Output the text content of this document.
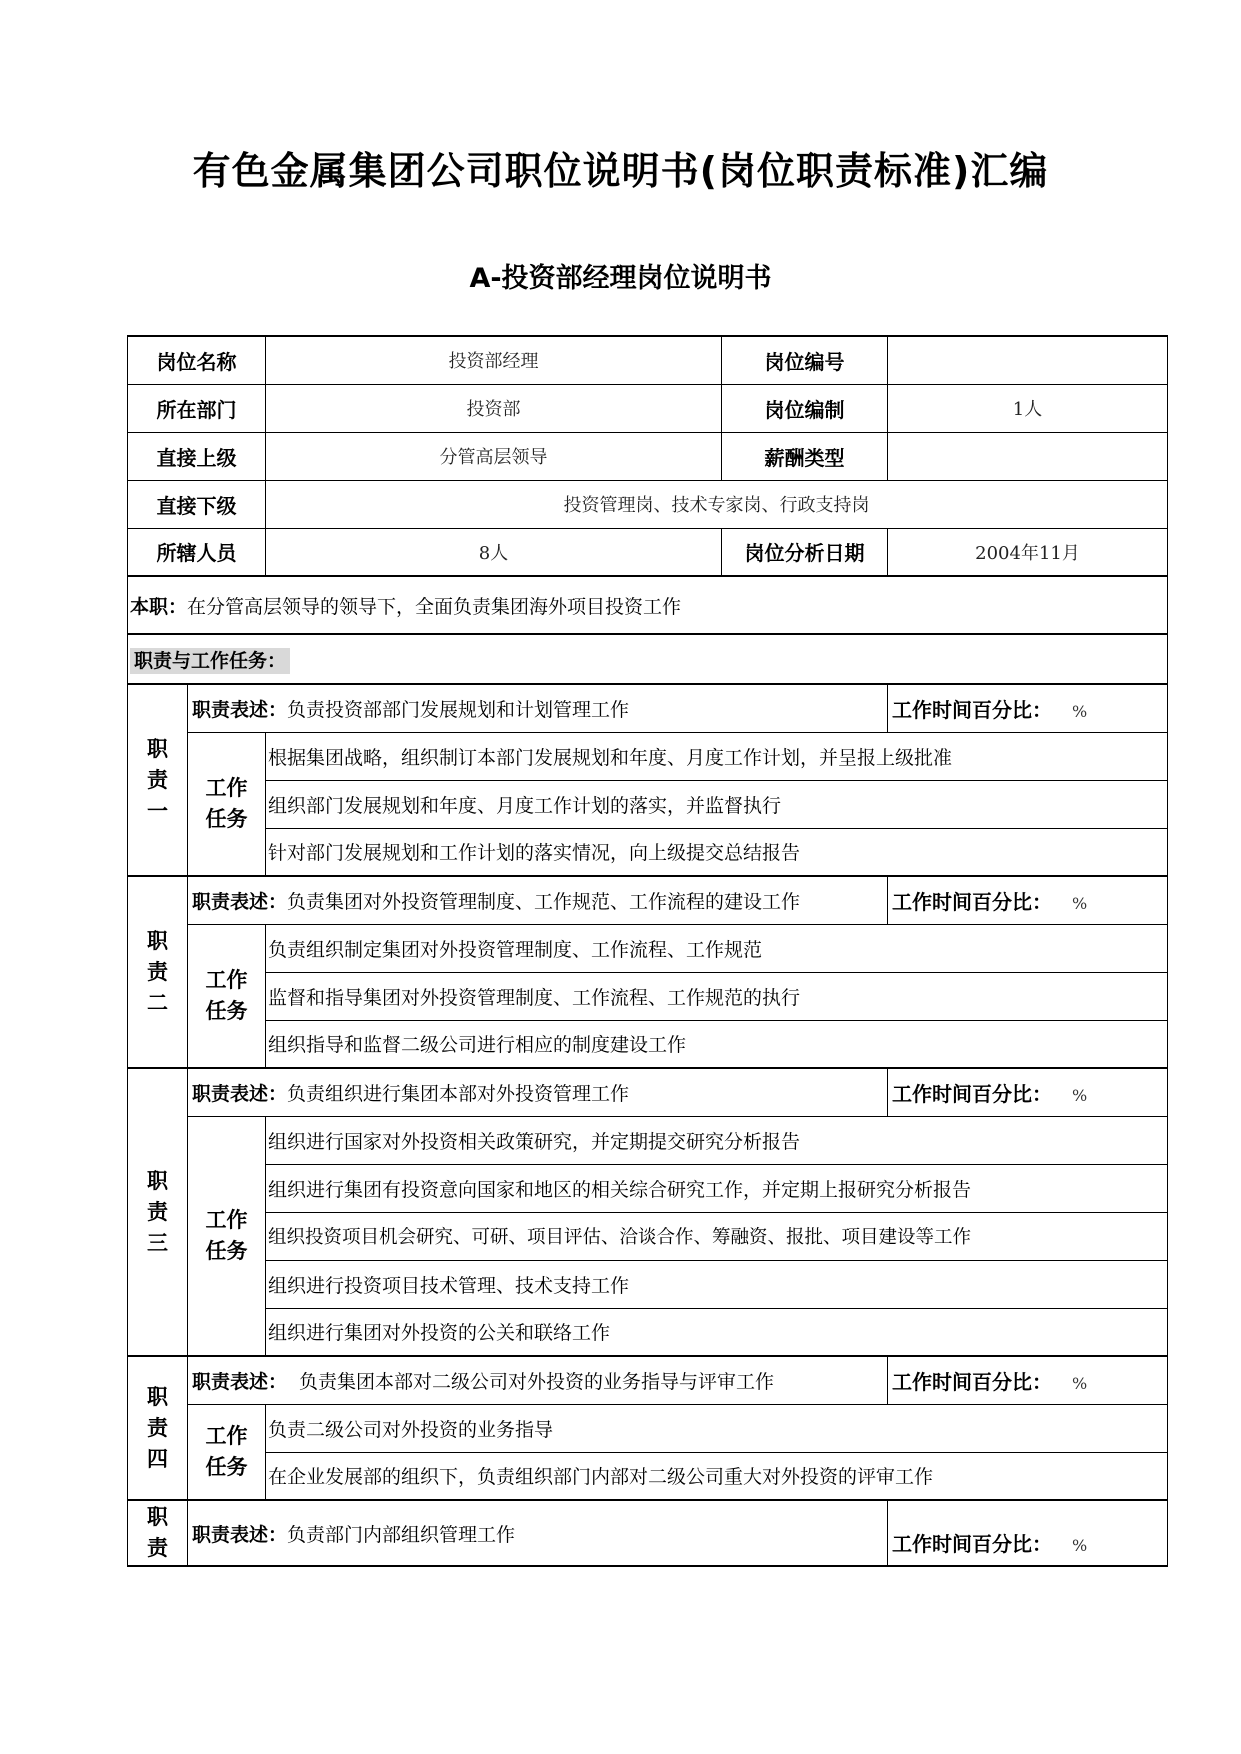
有色金属集团公司职位说明书(岗位职责标准)汇编
A-投资部经理岗位说明书
岗位名称		投资部经理	岗位编号	
所在部门		投资部	岗位编制	1人
直接上级		分管高层领导	薪酬类型	
直接下级		投资管理岗、技术专家岗、行政支持岗		
所辖人员		8人	岗位分析日期	2004年11月
本职：在分管高层领导的领导下，全面负责集团海外项目投资工作				
职责与工作任务：				

职
责
一	职责表述：负责投资部部门发展规划和计划管理工作			工作时间百分比： %

	工作
任务	根据集团战略，组织制订本部门发展规划和年度、月度工作计划，并呈报上级批准		
		组织部门发展规划和年度、月度工作计划的落实，并监督执行		
		针对部门发展规划和工作计划的落实情况，向上级提交总结报告		

职
责
二	职责表述：负责集团对外投资管理制度、工作规范、工作流程的建设工作			工作时间百分比： %

	工作
任务	负责组织制定集团对外投资管理制度、工作流程、工作规范		
		监督和指导集团对外投资管理制度、工作流程、工作规范的执行		
		组织指导和监督二级公司进行相应的制度建设工作		

职
责
三	职责表述：负责组织进行集团本部对外投资管理工作			工作时间百分比： %

	工作
任务	组织进行国家对外投资相关政策研究，并定期提交研究分析报告		
		组织进行集团有投资意向国家和地区的相关综合研究工作，并定期上报研究分析报告		
		组织投资项目机会研究、可研、项目评估、洽谈合作、筹融资、报批、项目建设等工作		
		组织进行投资项目技术管理、技术支持工作		
		组织进行集团对外投资的公关和联络工作		

职
责
四	职责表述： 负责集团本部对二级公司对外投资的业务指导与评审工作			工作时间百分比： %

	工作
任务	负责二级公司对外投资的业务指导		
		在企业发展部的组织下，负责组织部门内部对二级公司重大对外投资的评审工作		

职
责	职责表述：负责部门内部组织管理工作			工作时间百分比： %
